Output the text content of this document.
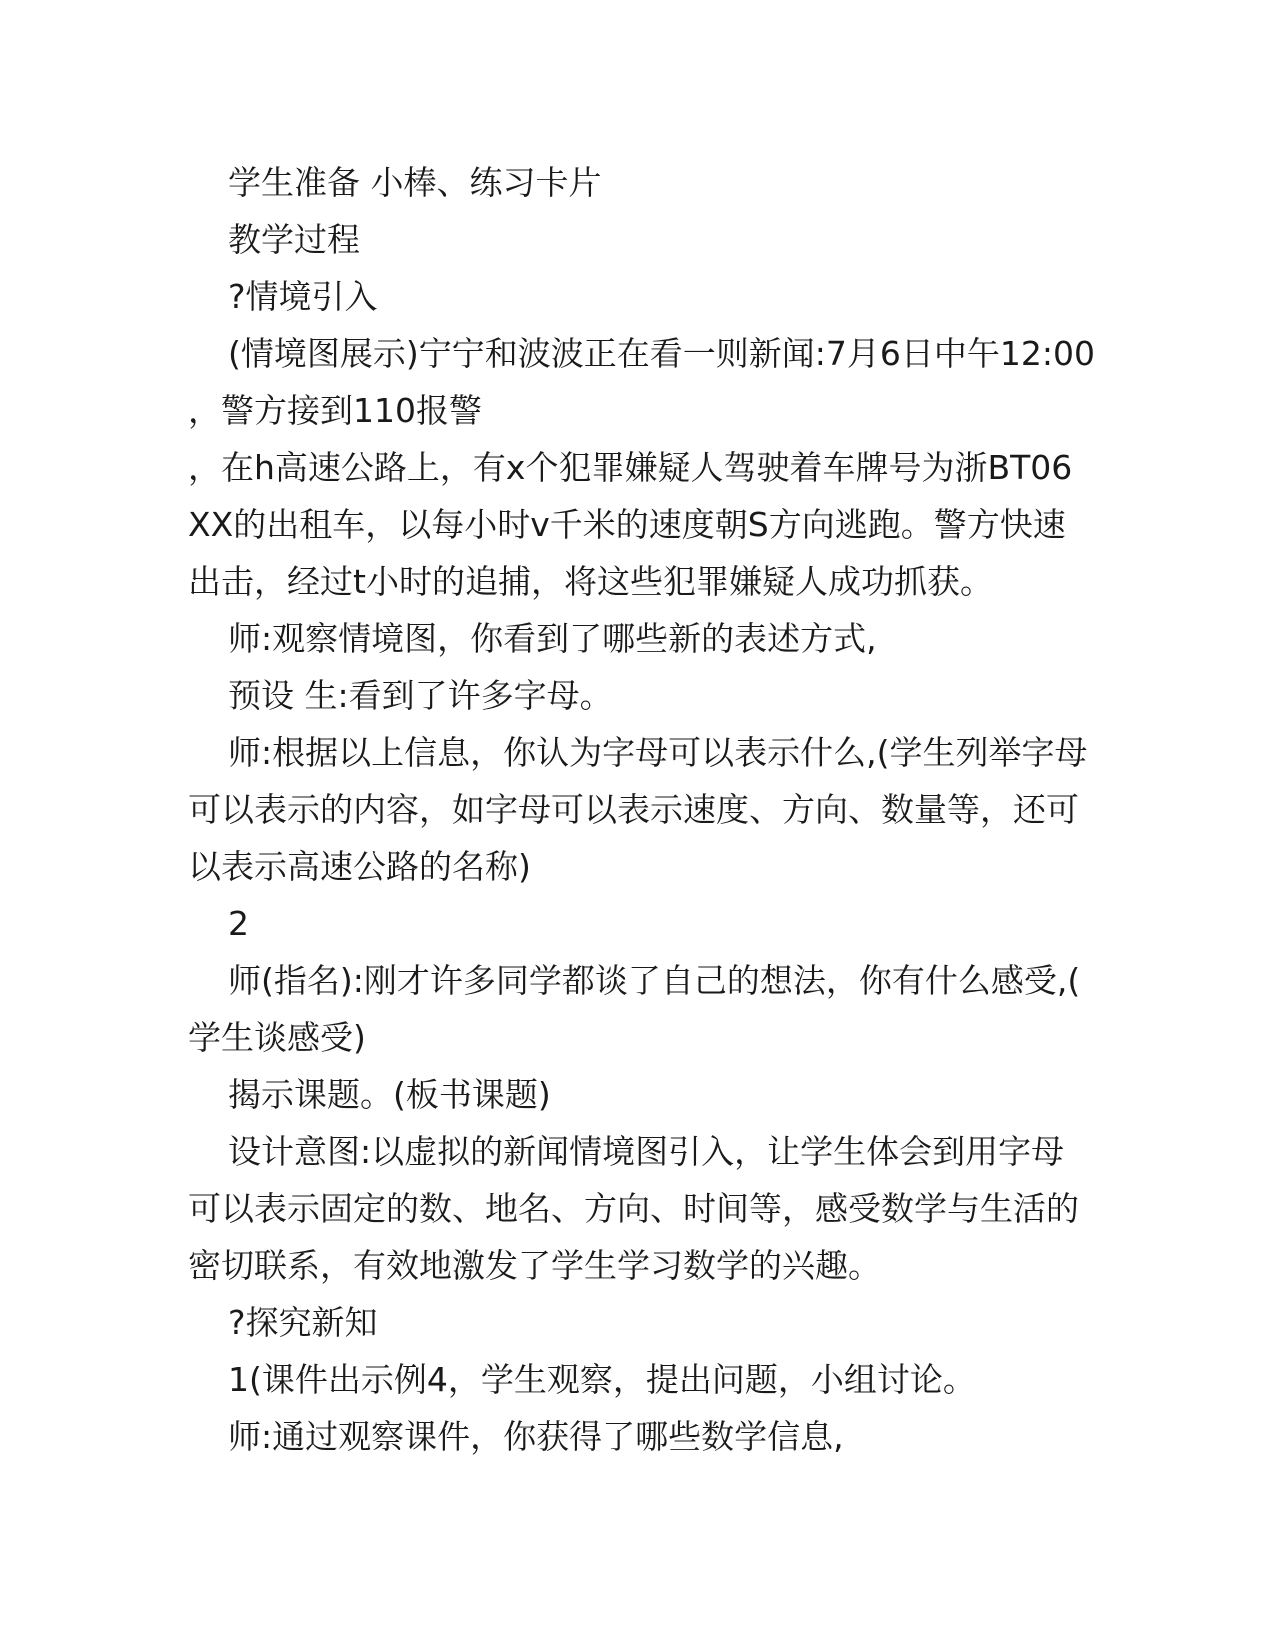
学生准备 小棒、练习卡片
教学过程
?情境引入
(情境图展示)宁宁和波波正在看一则新闻:7月6日中午12:00
，警方接到110报警
，在h高速公路上，有x个犯罪嫌疑人驾驶着车牌号为浙BT06
XX的出租车，以每小时v千米的速度朝S方向逃跑。警方快速
出击，经过t小时的追捕，将这些犯罪嫌疑人成功抓获。
师:观察情境图，你看到了哪些新的表述方式,
预设 生:看到了许多字母。
师:根据以上信息，你认为字母可以表示什么,(学生列举字母
可以表示的内容，如字母可以表示速度、方向、数量等，还可
以表示高速公路的名称)
2
师(指名):刚才许多同学都谈了自己的想法，你有什么感受,(
学生谈感受)
揭示课题。(板书课题)
设计意图:以虚拟的新闻情境图引入，让学生体会到用字母
可以表示固定的数、地名、方向、时间等，感受数学与生活的
密切联系，有效地激发了学生学习数学的兴趣。
?探究新知
1(课件出示例4，学生观察，提出问题，小组讨论。
师:通过观察课件，你获得了哪些数学信息,
